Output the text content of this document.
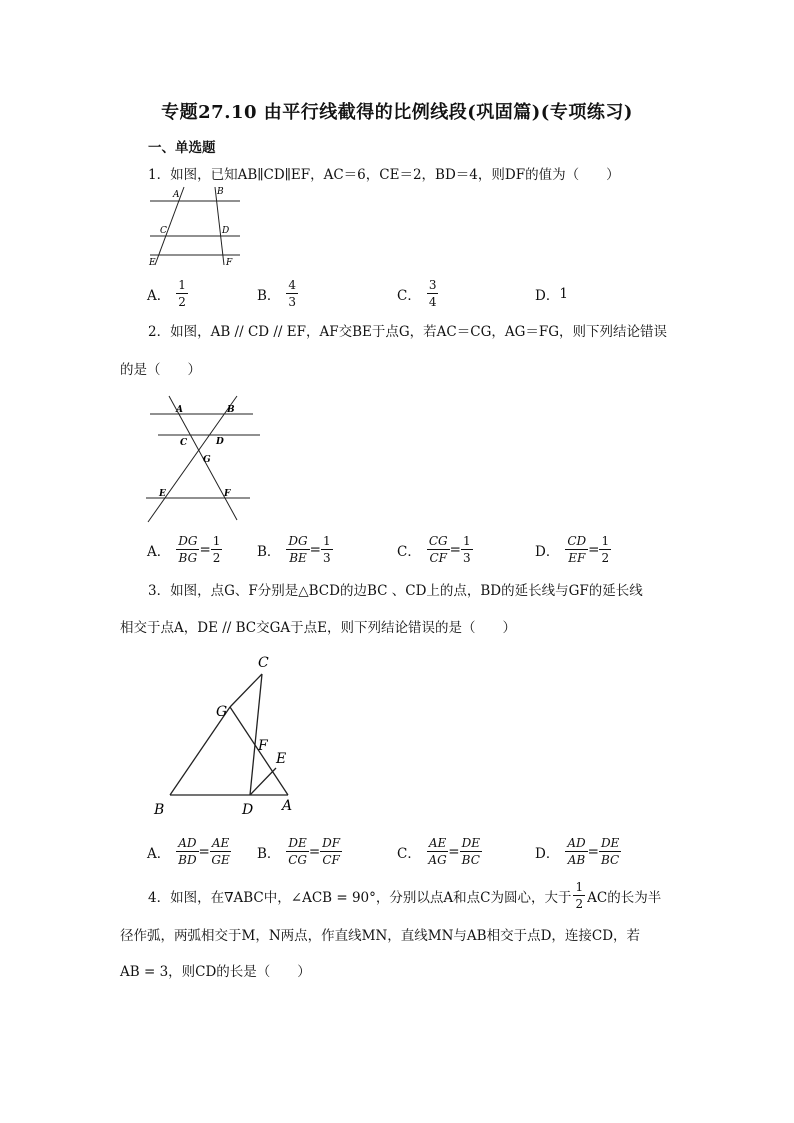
专题27.10 由平行线截得的比例线段(巩固篇)(专项练习)
一、单选题
1．如图，已知AB∥CD∥EF，AC＝6，CE＝2，BD＝4，则DF的值为（　　）
A	B
C	D
E	F
A． $\frac{1}{2}$	B． $\frac{4}{3}$	C． $\frac{3}{4}$	D． 1
2．如图，AB // CD // EF，AF交BE于点G，若AC＝CG，AG＝FG，则下列结论错误
的是（　　）
A	B
C	D
G
E	F
A． $\frac{DG}{BG} = \frac{1}{2}$	B． $\frac{DG}{BE} = \frac{1}{3}$	C． $\frac{CG}{CF} = \frac{1}{3}$	D． $\frac{CD}{EF} = \frac{1}{2}$
3．如图，点G、F分别是△BCD的边BC 、CD上的点，BD的延长线与GF的延长线
相交于点A，DE // BC交GA于点E，则下列结论错误的是（　　）
C
G
F
E
B	D A
A． $\frac{AD}{BD} = \frac{AE}{GE}$ B． $\frac{DE}{CG} = \frac{DF}{CF}$	C． $\frac{AE}{AG} = \frac{DE}{BC}$	D． $\frac{AD}{AB} = \frac{DE}{BC}$
4．如图，在∇ABC中，∠ACB = 90°，分别以点A和点C为圆心，大于 $\frac{1}{2}$ AC的长为半
径作弧，两弧相交于M，N两点，作直线MN，直线MN与AB相交于点D，连接CD，若
AB = 3，则CD的长是（　　）
